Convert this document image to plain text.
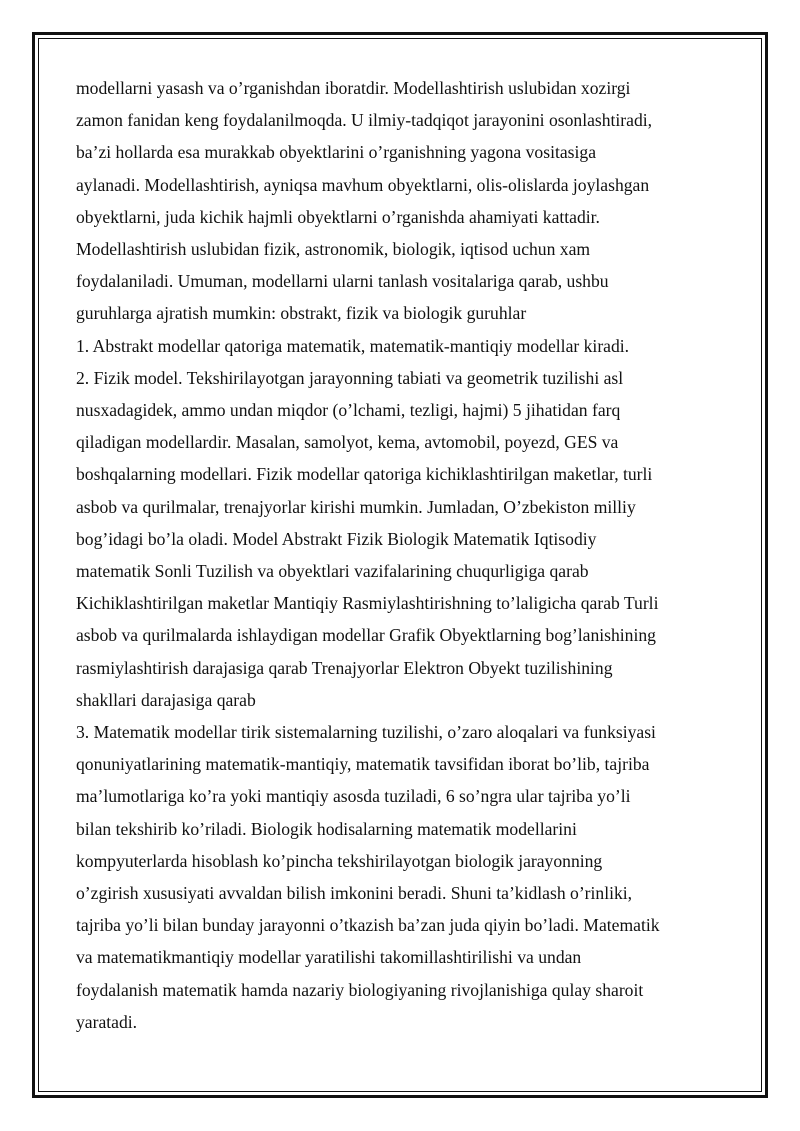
modellarni yasash va o’rganishdan iboratdir. Modellashtirish uslubidan xozirgi

zamon fanidan keng foydalanilmoqda. U ilmiy-tadqiqot jarayonini osonlashtiradi,

ba’zi hollarda esa murakkab obyektlarini o’rganishning yagona vositasiga

aylanadi. Modellashtirish, ayniqsa mavhum obyektlarni, olis-olislarda joylashgan

obyektlarni, juda kichik hajmli obyektlarni o’rganishda ahamiyati kattadir.

Modellashtirish uslubidan fizik, astronomik, biologik, iqtisod uchun xam

foydalaniladi. Umuman, modellarni ularni tanlash vositalariga qarab, ushbu

guruhlarga ajratish mumkin: obstrakt, fizik va biologik guruhlar

1. Abstrakt modellar qatoriga matematik, matematik-mantiqiy modellar kiradi.

2. Fizik model. Tekshirilayotgan jarayonning tabiati va geometrik tuzilishi asl

nusxadagidek, ammo undan miqdor (o’lchami, tezligi, hajmi) 5 jihatidan farq

qiladigan modellardir. Masalan, samolyot, kema, avtomobil, poyezd, GES va

boshqalarning modellari. Fizik modellar qatoriga kichiklashtirilgan maketlar, turli

asbob va qurilmalar, trenajyorlar kirishi mumkin. Jumladan, O’zbekiston milliy

bog’idagi bo’la oladi. Model Abstrakt Fizik Biologik Matematik Iqtisodiy

matematik Sonli Tuzilish va obyektlari vazifalarining chuqurligiga qarab

Kichiklashtirilgan maketlar Mantiqiy Rasmiylashtirishning to’laligicha qarab Turli

asbob va qurilmalarda ishlaydigan modellar Grafik Obyektlarning bog’lanishining

rasmiylashtirish darajasiga qarab Trenajyorlar Elektron Obyekt tuzilishining

shakllari darajasiga qarab

3. Matematik modellar tirik sistemalarning tuzilishi, o’zaro aloqalari va funksiyasi

qonuniyatlarining matematik-mantiqiy, matematik tavsifidan iborat bo’lib, tajriba

ma’lumotlariga ko’ra yoki mantiqiy asosda tuziladi, 6 so’ngra ular tajriba yo’li

bilan tekshirib ko’riladi. Biologik hodisalarning matematik modellarini

kompyuterlarda hisoblash ko’pincha tekshirilayotgan biologik jarayonning

o’zgirish xususiyati avvaldan bilish imkonini beradi. Shuni ta’kidlash o’rinliki,

tajriba yo’li bilan bunday jarayonni o’tkazish ba’zan juda qiyin bo’ladi. Matematik

va matematikmantiqiy modellar yaratilishi takomillashtirilishi va undan

foydalanish matematik hamda nazariy biologiyaning rivojlanishiga qulay sharoit

yaratadi.
